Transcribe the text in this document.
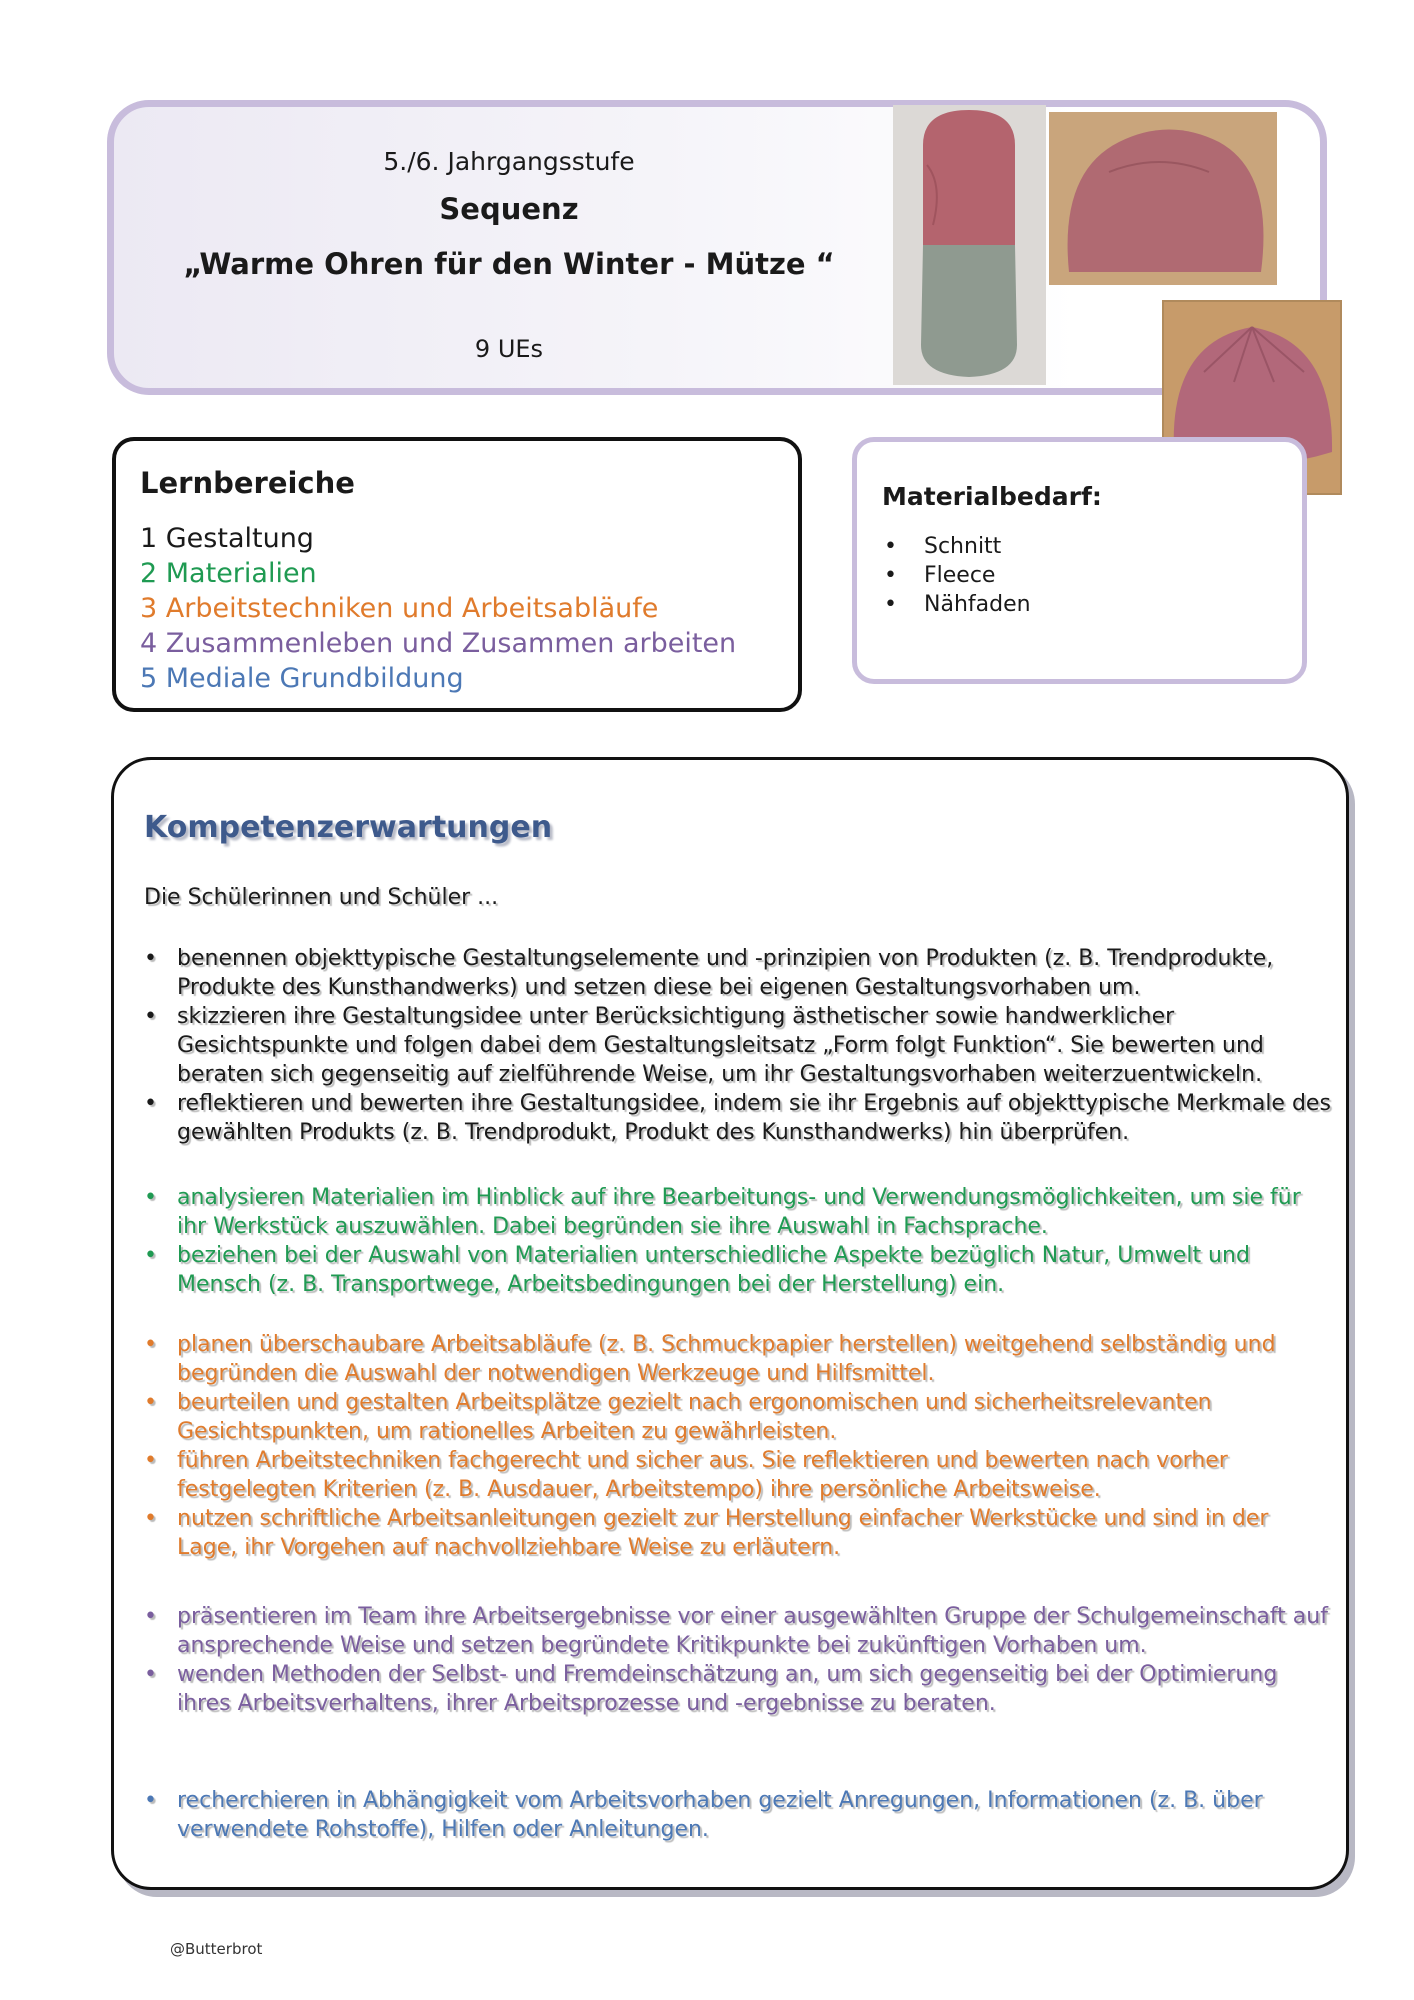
5./6. Jahrgangsstufe
Sequenz
„Warme Ohren für den Winter - Mütze “
9 UEs
Lernbereiche
1 Gestaltung
2 Materialien
3 Arbeitstechniken und Arbeitsabläufe
4 Zusammenleben und Zusammen arbeiten
5 Mediale Grundbildung
Materialbedarf:
• Schnitt
• Fleece
• Nähfaden
Kompetenzerwartungen
Die Schülerinnen und Schüler ...
• benennen objekttypische Gestaltungselemente und -prinzipien von Produkten (z. B. Trendprodukte, Produkte des Kunsthandwerks) und setzen diese bei eigenen Gestaltungsvorhaben um.
• skizzieren ihre Gestaltungsidee unter Berücksichtigung ästhetischer sowie handwerklicher Gesichtspunkte und folgen dabei dem Gestaltungsleitsatz „Form folgt Funktion“. Sie bewerten und beraten sich gegenseitig auf zielführende Weise, um ihr Gestaltungsvorhaben weiterzuentwickeln.
• reflektieren und bewerten ihre Gestaltungsidee, indem sie ihr Ergebnis auf objekttypische Merkmale des gewählten Produkts (z. B. Trendprodukt, Produkt des Kunsthandwerks) hin überprüfen.
• analysieren Materialien im Hinblick auf ihre Bearbeitungs- und Verwendungsmöglichkeiten, um sie für ihr Werkstück auszuwählen. Dabei begründen sie ihre Auswahl in Fachsprache.
• beziehen bei der Auswahl von Materialien unterschiedliche Aspekte bezüglich Natur, Umwelt und Mensch (z. B. Transportwege, Arbeitsbedingungen bei der Herstellung) ein.
• planen überschaubare Arbeitsabläufe (z. B. Schmuckpapier herstellen) weitgehend selbständig und begründen die Auswahl der notwendigen Werkzeuge und Hilfsmittel.
• beurteilen und gestalten Arbeitsplätze gezielt nach ergonomischen und sicherheitsrelevanten Gesichtspunkten, um rationelles Arbeiten zu gewährleisten.
• führen Arbeitstechniken fachgerecht und sicher aus. Sie reflektieren und bewerten nach vorher festgelegten Kriterien (z. B. Ausdauer, Arbeitstempo) ihre persönliche Arbeitsweise.
• nutzen schriftliche Arbeitsanleitungen gezielt zur Herstellung einfacher Werkstücke und sind in der Lage, ihr Vorgehen auf nachvollziehbare Weise zu erläutern.
• präsentieren im Team ihre Arbeitsergebnisse vor einer ausgewählten Gruppe der Schulgemeinschaft auf ansprechende Weise und setzen begründete Kritikpunkte bei zukünftigen Vorhaben um.
• wenden Methoden der Selbst- und Fremdeinschätzung an, um sich gegenseitig bei der Optimierung ihres Arbeitsverhaltens, ihrer Arbeitsprozesse und -ergebnisse zu beraten.
• recherchieren in Abhängigkeit vom Arbeitsvorhaben gezielt Anregungen, Informationen (z. B. über verwendete Rohstoffe), Hilfen oder Anleitungen.
@Butterbrot
